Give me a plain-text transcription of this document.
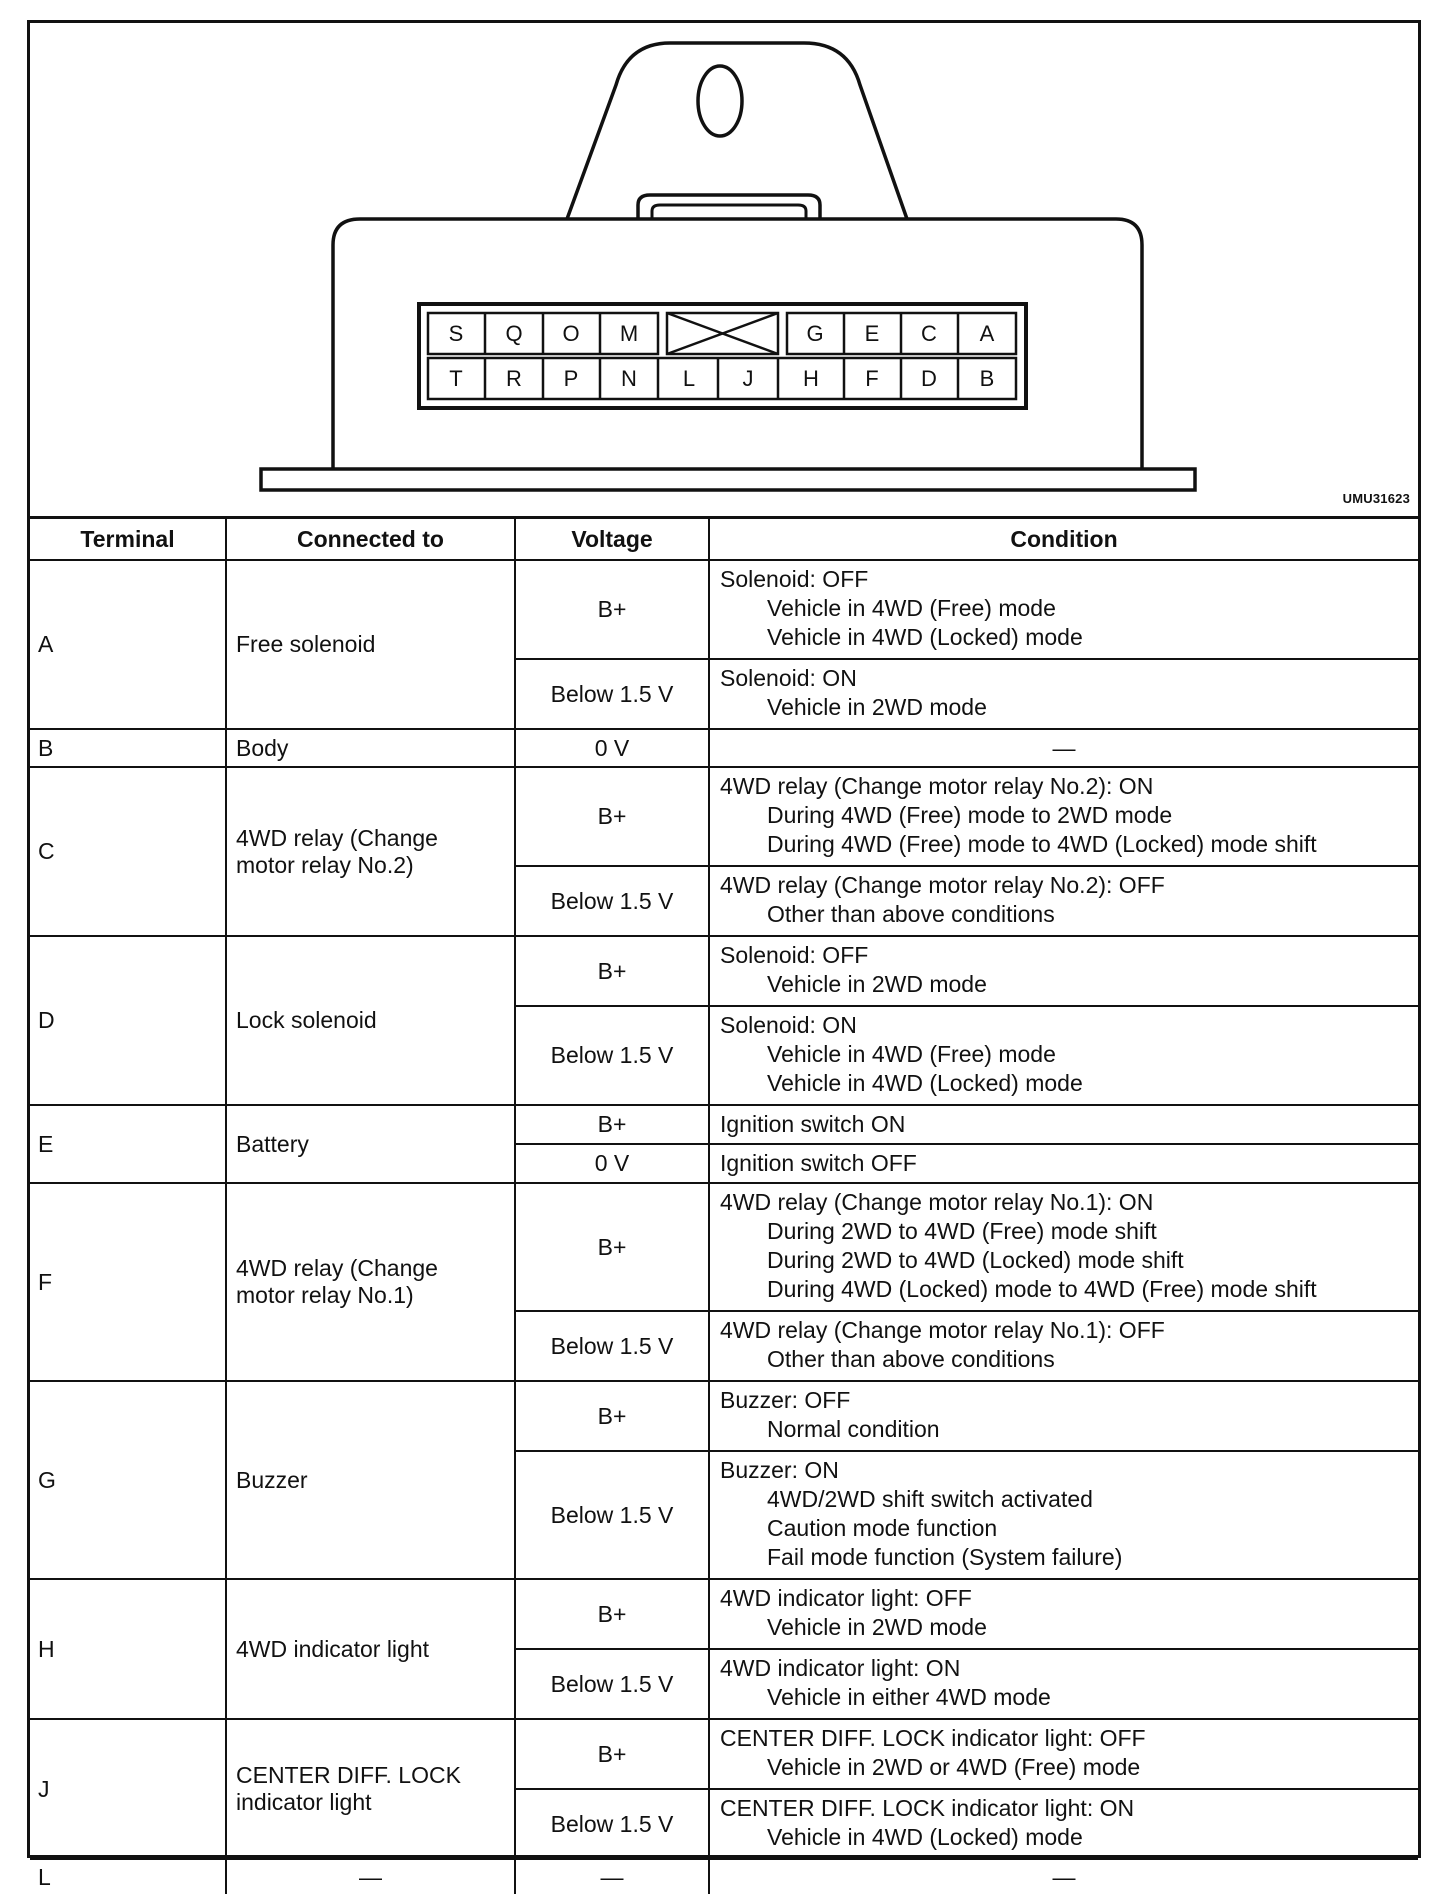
S	Q	O	M	G	E	C	A
T	R	P	N	L	J	H	F	D	B
UMU31623
Terminal	Connected to	Voltage	Condition
A	Free solenoid	B+	Solenoid: OFF
Vehicle in 4WD (Free) mode
Vehicle in 4WD (Locked) mode

		Below 1.5 V	Solenoid: ON
Vehicle in 2WD mode

B	Body	0 V	—
C	4WD relay (Change motor relay No.2)	B+	4WD relay (Change motor relay No.2): ON
During 4WD (Free) mode to 2WD mode
During 4WD (Free) mode to 4WD (Locked) mode shift

		Below 1.5 V	4WD relay (Change motor relay No.2): OFF
Other than above conditions

D	Lock solenoid	B+	Solenoid: OFF
Vehicle in 2WD mode

		Below 1.5 V	Solenoid: ON
Vehicle in 4WD (Free) mode
Vehicle in 4WD (Locked) mode

E	Battery	B+	Ignition switch ON

		0 V	Ignition switch OFF

F	4WD relay (Change motor relay No.1)	B+	4WD relay (Change motor relay No.1): ON
During 2WD to 4WD (Free) mode shift
During 2WD to 4WD (Locked) mode shift
During 4WD (Locked) mode to 4WD (Free) mode shift

		Below 1.5 V	4WD relay (Change motor relay No.1): OFF
Other than above conditions

G	Buzzer	B+	Buzzer: OFF
Normal condition

		Below 1.5 V	Buzzer: ON
4WD/2WD shift switch activated
Caution mode function
Fail mode function (System failure)

H	4WD indicator light	B+	4WD indicator light: OFF
Vehicle in 2WD mode

		Below 1.5 V	4WD indicator light: ON
Vehicle in either 4WD mode

J	CENTER DIFF. LOCK indicator light	B+	CENTER DIFF. LOCK indicator light: OFF
Vehicle in 2WD or 4WD (Free) mode

		Below 1.5 V	CENTER DIFF. LOCK indicator light: ON
Vehicle in 4WD (Locked) mode

L	—	—	—
